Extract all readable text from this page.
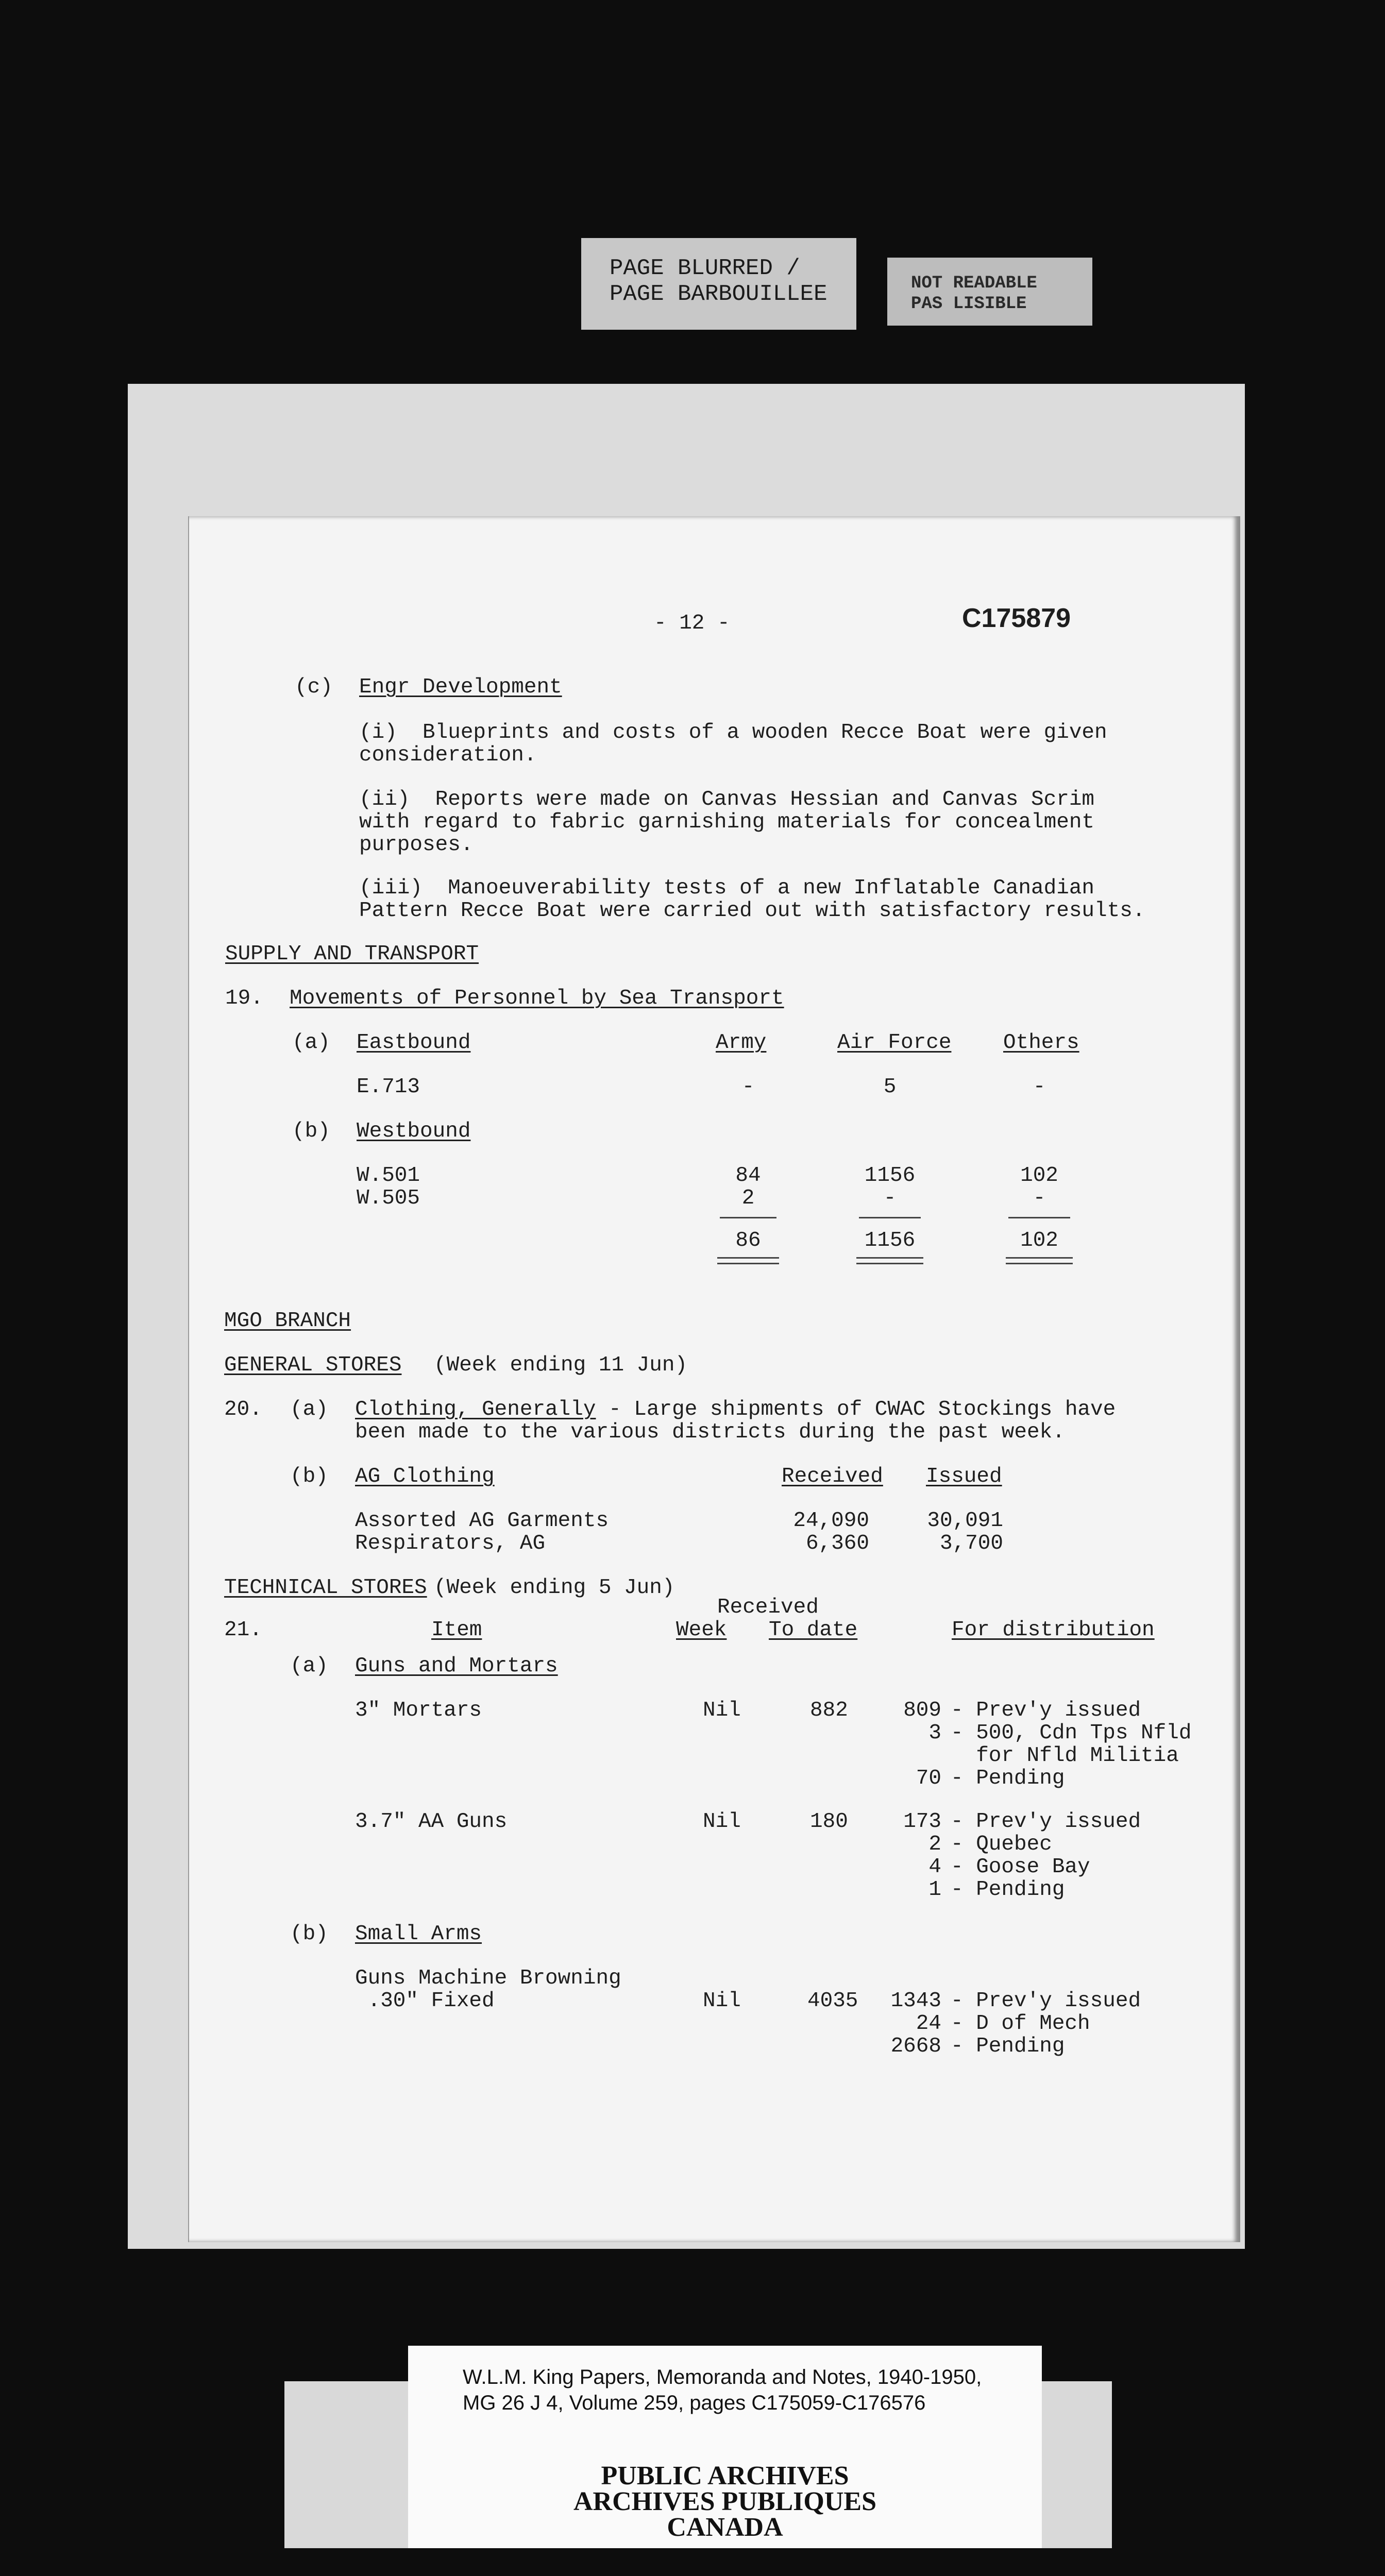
PAGE BLURRED /
PAGE BARBOUILLEE	NOT READABLE
PAS LISIBLE
- 12 -	C175879
(c) Engr Development
(i)  Blueprints and costs of a wooden Recce Boat were given
consideration.
(ii)  Reports were made on Canvas Hessian and Canvas Scrim
with regard to fabric garnishing materials for concealment
purposes.
(iii)  Manoeuverability tests of a new Inflatable Canadian
Pattern Recce Boat were carried out with satisfactory results.
SUPPLY AND TRANSPORT
19. Movements of Personnel by Sea Transport
(a) Eastbound	Army	Air Force Others
E.713	-	5	-
(b) Westbound
W.501	84	1156	102
W.505	2	-	-
86	1156	102
MGO BRANCH
GENERAL STORES (Week ending 11 Jun)
20. (a) Clothing, Generally - Large shipments of CWAC Stockings have
been made to the various districts during the past week.
(b) AG Clothing	Received Issued
Assorted AG Garments	24,090	30,091
Respirators, AG	6,360	3,700
TECHNICAL STORES (Week ending 5 Jun)
Received
21.	Item	Week To date	For distribution
(a) Guns and Mortars
3" Mortars	Nil	882	809 - Prev'y issued
3 - 500, Cdn Tps Nfld
for Nfld Militia
70 - Pending
3.7" AA Guns	Nil	180	173 - Prev'y issued
2 - Quebec
4 - Goose Bay
1 - Pending
(b) Small Arms
Guns Machine Browning
.30" Fixed	Nil	4035	1343 - Prev'y issued
24 - D of Mech
2668 - Pending
PUBLIC ARCHIVES
ARCHIVES PUBLIQUES
CANADA
W.L.M. King Papers, Memoranda and Notes, 1940-1950,
MG 26 J 4, Volume 259, pages C175059-C176576
